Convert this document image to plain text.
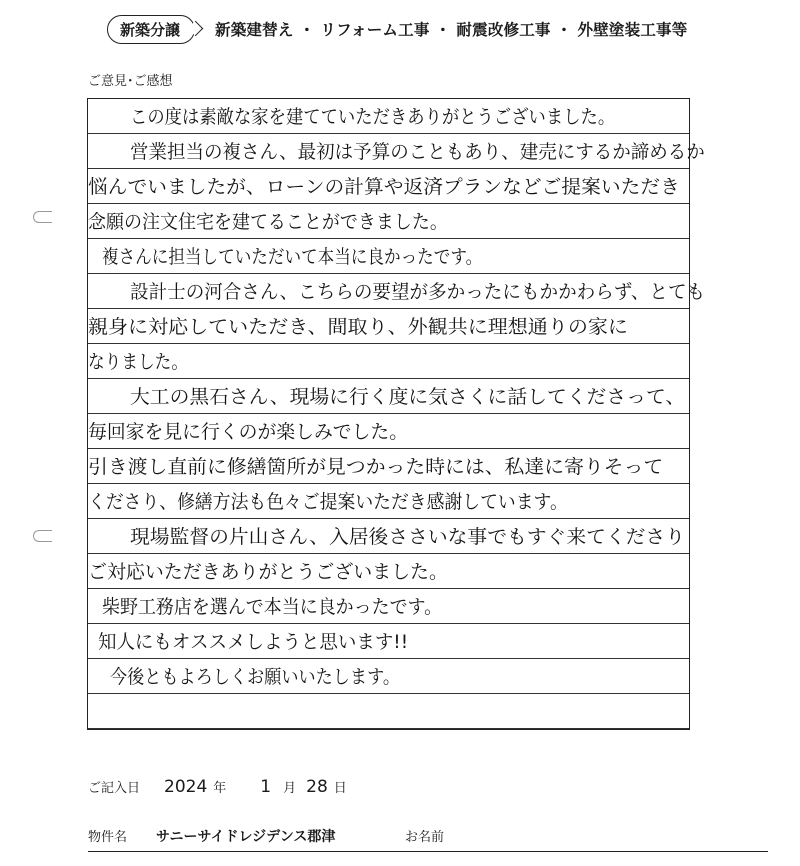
新築分譲	新築建替え ・ リフォーム工事 ・ 耐震改修工事 ・ 外壁塗装工事等
ご意見･ご感想
この度は素敵な家を建てていただきありがとうございました。
営業担当の複さん、最初は予算のこともあり、建売にするか諦めるか
悩んでいましたが、ローンの計算や返済プランなどご提案いただき
念願の注文住宅を建てることができました。
複さんに担当していただいて本当に良かったです。
設計士の河合さん、こちらの要望が多かったにもかかわらず、とても
親身に対応していただき、間取り、外観共に理想通りの家に
なりました。
大工の黒石さん、現場に行く度に気さくに話してくださって、
毎回家を見に行くのが楽しみでした。
引き渡し直前に修繕箇所が見つかった時には、私達に寄りそって
くださり、修繕方法も色々ご提案いただき感謝しています。
現場監督の片山さん、入居後ささいな事でもすぐ来てくださり
ご対応いただきありがとうございました。
柴野工務店を選んで本当に良かったです。
知人にもオススメしようと思います!!
今後ともよろしくお願いいたします。
ご記入日 2024 年 1 月 28 日
物件名 サニーサイドレジデンス郡津	お名前
